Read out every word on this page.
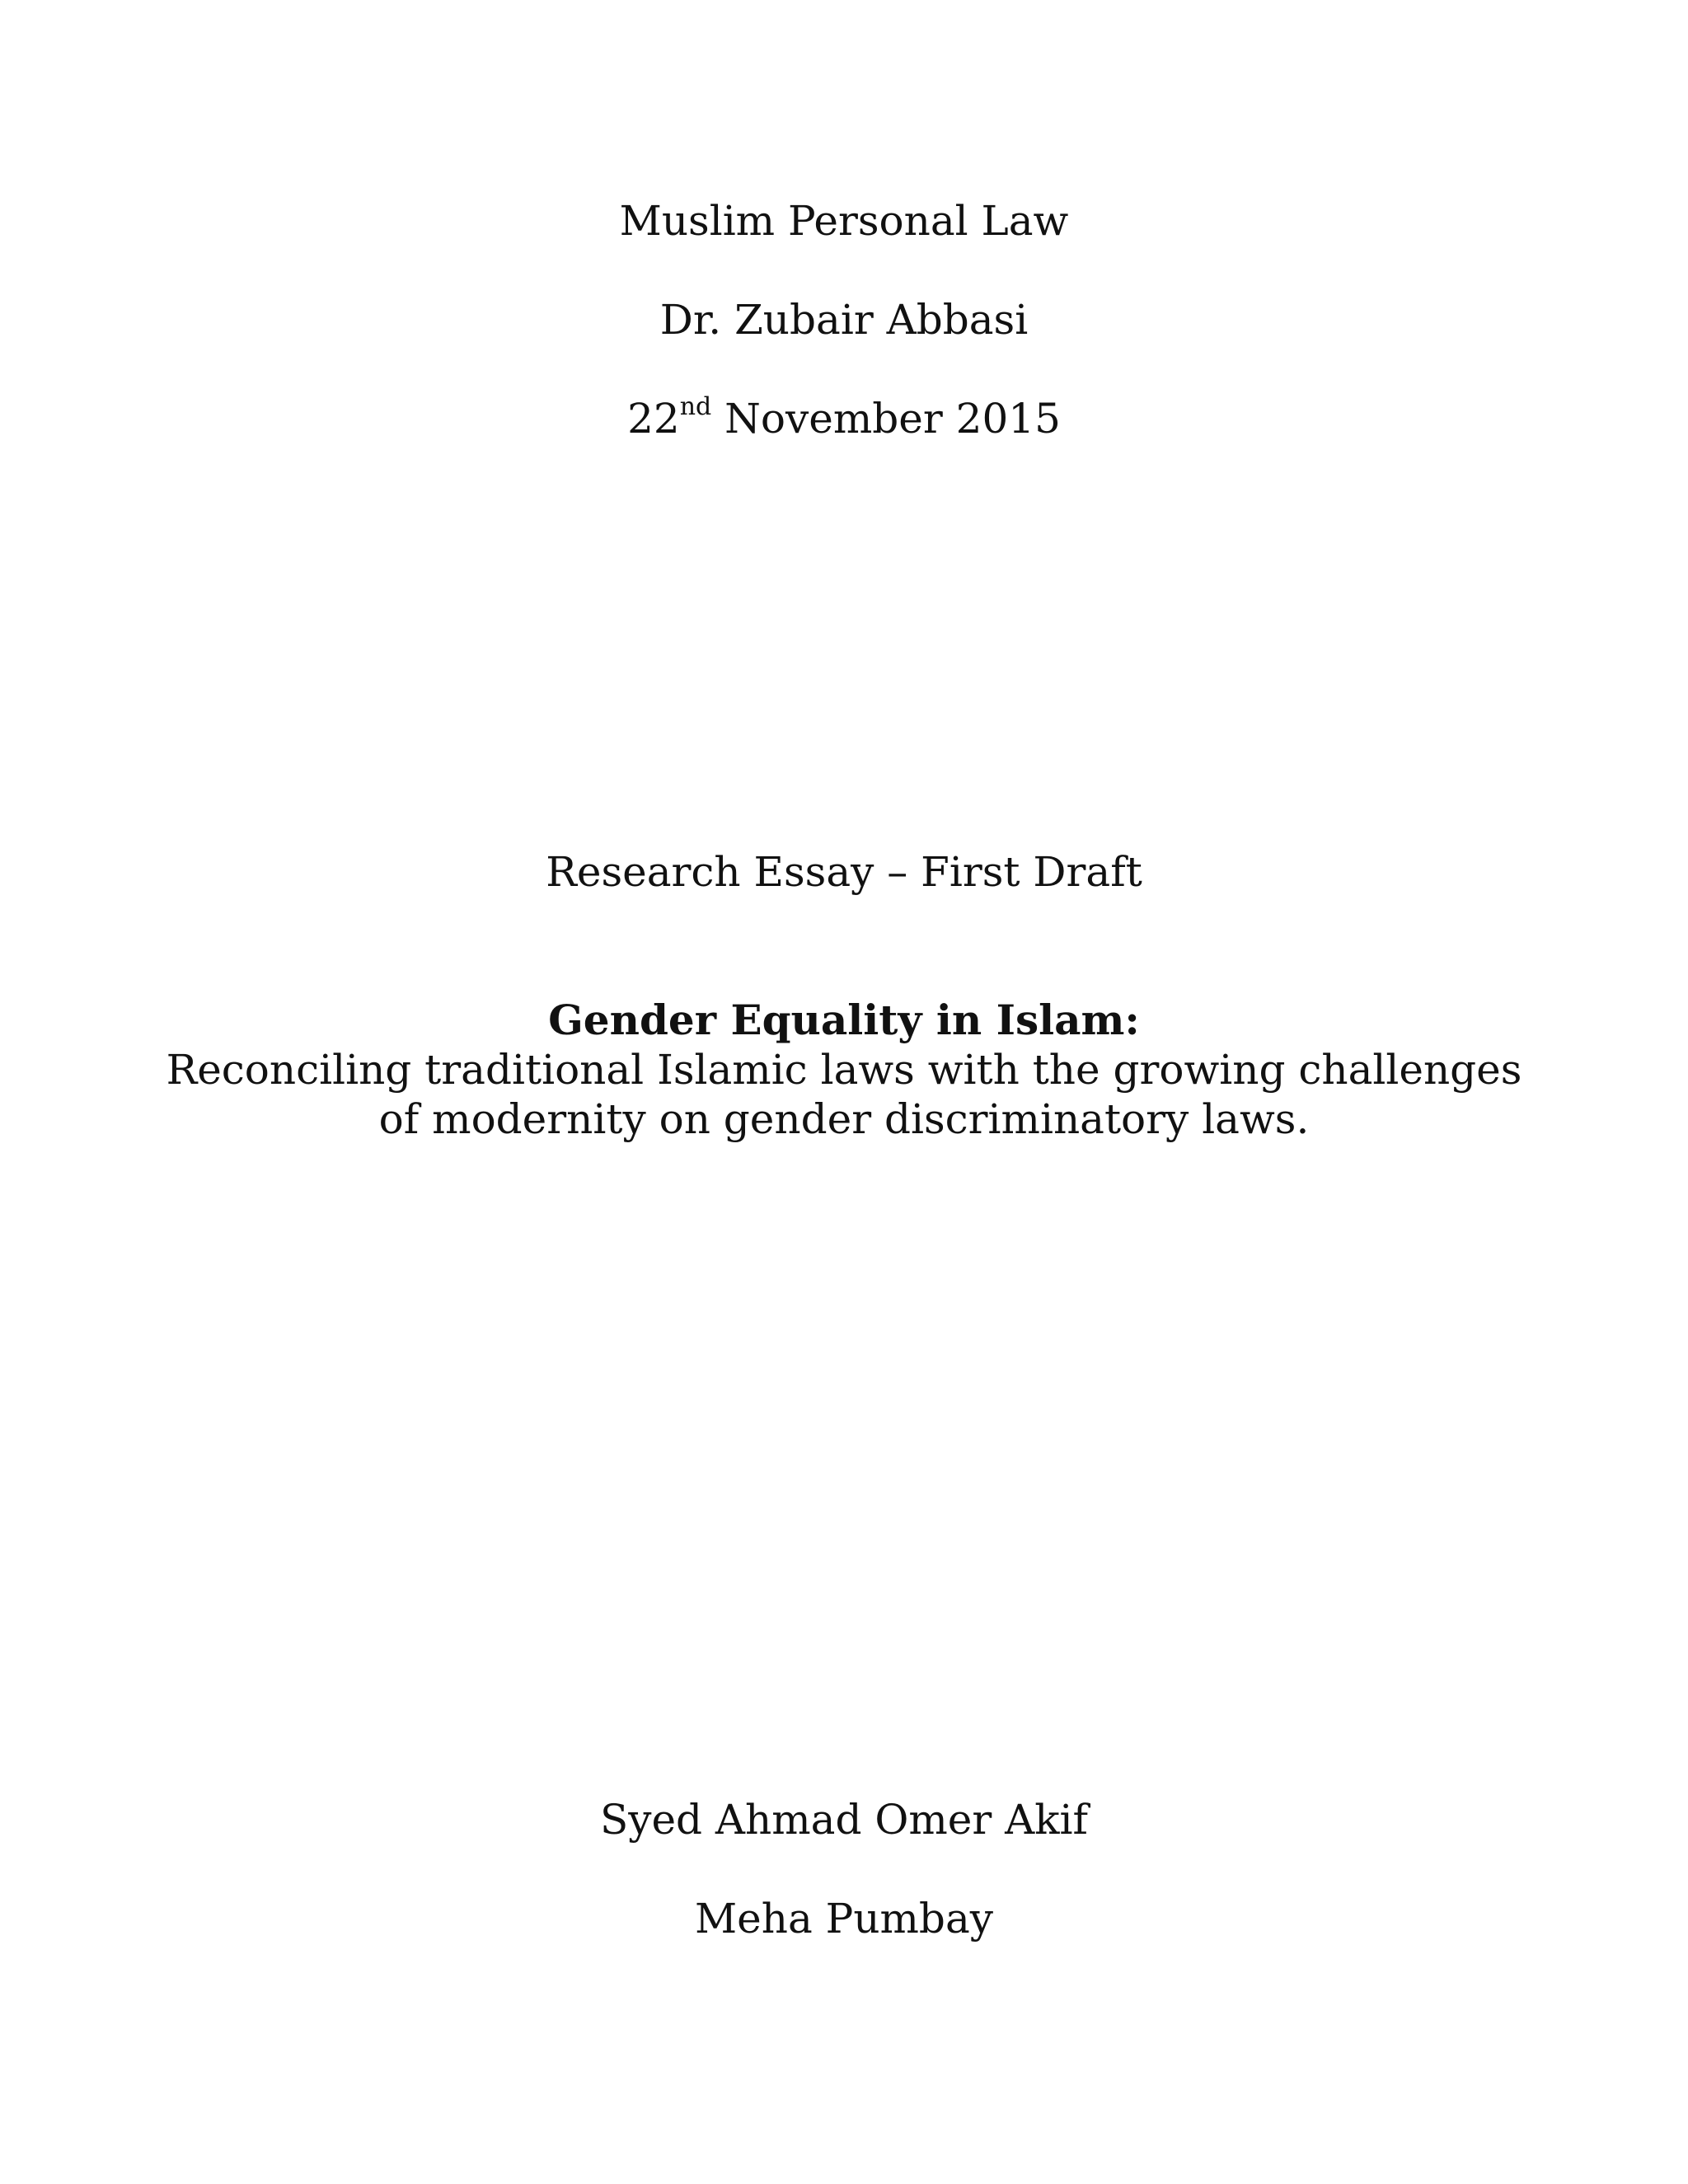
Muslim Personal Law
Dr. Zubair Abbasi
22nd November 2015
Research Essay – First Draft
Gender Equality in Islam:
Reconciling traditional Islamic laws with the growing challenges
of modernity on gender discriminatory laws.
Syed Ahmad Omer Akif
Meha Pumbay
